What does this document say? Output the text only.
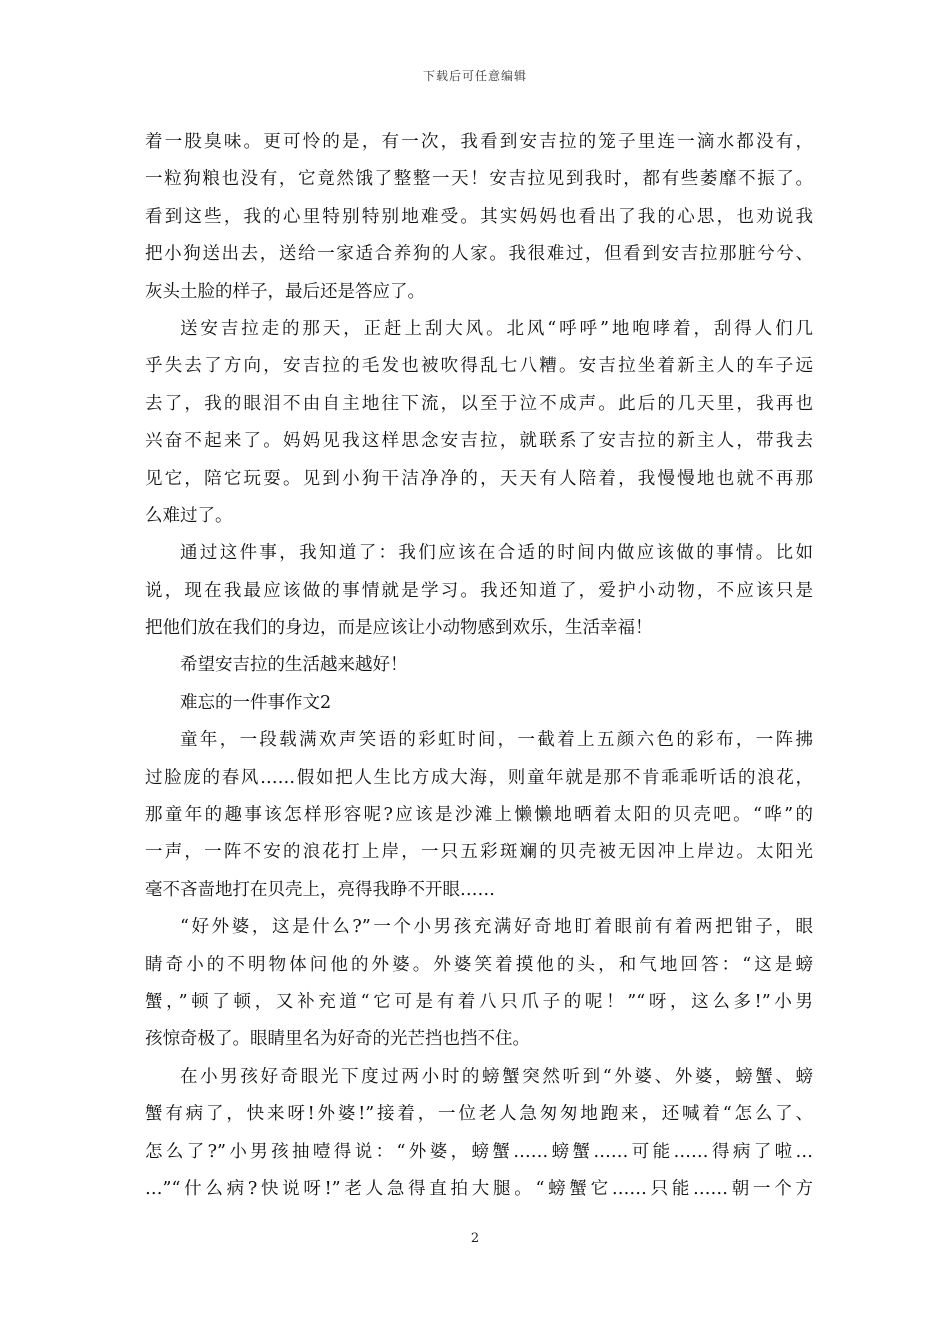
下载后可任意编辑
着一股臭味。更可怜的是，有一次，我看到安吉拉的笼子里连一滴水都没有，
一粒狗粮也没有，它竟然饿了整整一天！安吉拉见到我时，都有些萎靡不振了。
看到这些，我的心里特别特别地难受。其实妈妈也看出了我的心思，也劝说我
把小狗送出去，送给一家适合养狗的人家。我很难过，但看到安吉拉那脏兮兮、
灰头土脸的样子，最后还是答应了。
送安吉拉走的那天，正赶上刮大风。北风“呼呼”地咆哮着，刮得人们几
乎失去了方向，安吉拉的毛发也被吹得乱七八糟。安吉拉坐着新主人的车子远
去了，我的眼泪不由自主地往下流，以至于泣不成声。此后的几天里，我再也
兴奋不起来了。妈妈见我这样思念安吉拉，就联系了安吉拉的新主人，带我去
见它，陪它玩耍。见到小狗干洁净净的，天天有人陪着，我慢慢地也就不再那
么难过了。
通过这件事，我知道了：我们应该在合适的时间内做应该做的事情。比如
说，现在我最应该做的事情就是学习。我还知道了，爱护小动物，不应该只是
把他们放在我们的身边，而是应该让小动物感到欢乐，生活幸福！
希望安吉拉的生活越来越好！
难忘的一件事作文2
童年，一段载满欢声笑语的彩虹时间，一截着上五颜六色的彩布，一阵拂
过脸庞的春风……假如把人生比方成大海，则童年就是那不肯乖乖听话的浪花，
那童年的趣事该怎样形容呢?应该是沙滩上懒懒地晒着太阳的贝壳吧。“哗”的
一声，一阵不安的浪花打上岸，一只五彩斑斓的贝壳被无因冲上岸边。太阳光
毫不吝啬地打在贝壳上，亮得我睁不开眼……
“好外婆，这是什么?”一个小男孩充满好奇地盯着眼前有着两把钳子，眼
睛奇小的不明物体问他的外婆。外婆笑着摸他的头，和气地回答：“这是螃
蟹，”顿了顿，又补充道“它可是有着八只爪子的呢！”“呀，这么多!”小男
孩惊奇极了。眼睛里名为好奇的光芒挡也挡不住。
在小男孩好奇眼光下度过两小时的螃蟹突然听到“外婆、外婆，螃蟹、螃
蟹有病了，快来呀!外婆!”接着，一位老人急匆匆地跑来，还喊着“怎么了、
怎么了?”小男孩抽噎得说：“外婆，螃蟹……螃蟹……可能……得病了啦…
…”“什么病?快说呀!”老人急得直拍大腿。“螃蟹它……只能……朝一个方
2
